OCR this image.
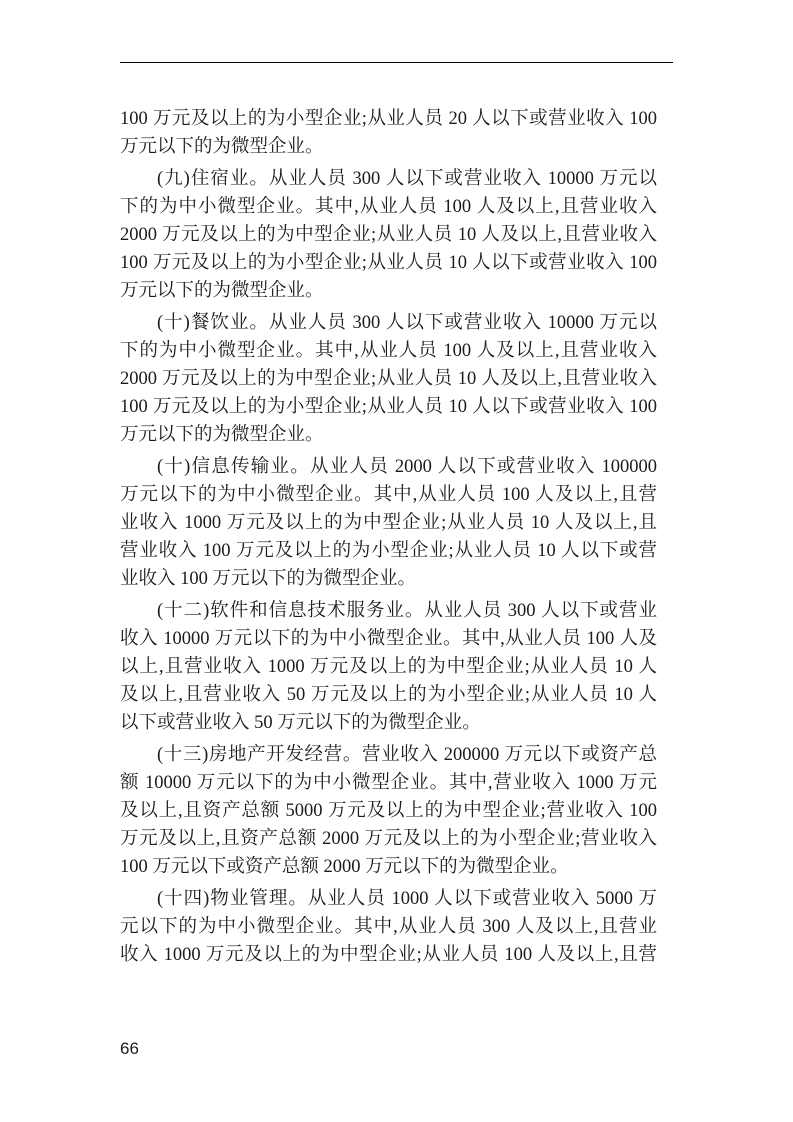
100 万元及以上的为小型企业;从业人员 20 人以下或营业收入 100
万元以下的为微型企业。
(九)住宿业。从业人员 300 人以下或营业收入 10000 万元以
下的为中小微型企业。其中,从业人员 100 人及以上,且营业收入
2000 万元及以上的为中型企业;从业人员 10 人及以上,且营业收入
100 万元及以上的为小型企业;从业人员 10 人以下或营业收入 100
万元以下的为微型企业。
(十)餐饮业。从业人员 300 人以下或营业收入 10000 万元以
下的为中小微型企业。其中,从业人员 100 人及以上,且营业收入
2000 万元及以上的为中型企业;从业人员 10 人及以上,且营业收入
100 万元及以上的为小型企业;从业人员 10 人以下或营业收入 100
万元以下的为微型企业。
(十)信息传输业。从业人员 2000 人以下或营业收入 100000
万元以下的为中小微型企业。其中,从业人员 100 人及以上,且营
业收入 1000 万元及以上的为中型企业;从业人员 10 人及以上,且
营业收入 100 万元及以上的为小型企业;从业人员 10 人以下或营
业收入 100 万元以下的为微型企业。
(十二)软件和信息技术服务业。从业人员 300 人以下或营业
收入 10000 万元以下的为中小微型企业。其中,从业人员 100 人及
以上,且营业收入 1000 万元及以上的为中型企业;从业人员 10 人
及以上,且营业收入 50 万元及以上的为小型企业;从业人员 10 人
以下或营业收入 50 万元以下的为微型企业。
(十三)房地产开发经营。营业收入 200000 万元以下或资产总
额 10000 万元以下的为中小微型企业。其中,营业收入 1000 万元
及以上,且资产总额 5000 万元及以上的为中型企业;营业收入 100
万元及以上,且资产总额 2000 万元及以上的为小型企业;营业收入
100 万元以下或资产总额 2000 万元以下的为微型企业。
(十四)物业管理。从业人员 1000 人以下或营业收入 5000 万
元以下的为中小微型企业。其中,从业人员 300 人及以上,且营业
收入 1000 万元及以上的为中型企业;从业人员 100 人及以上,且营
66
